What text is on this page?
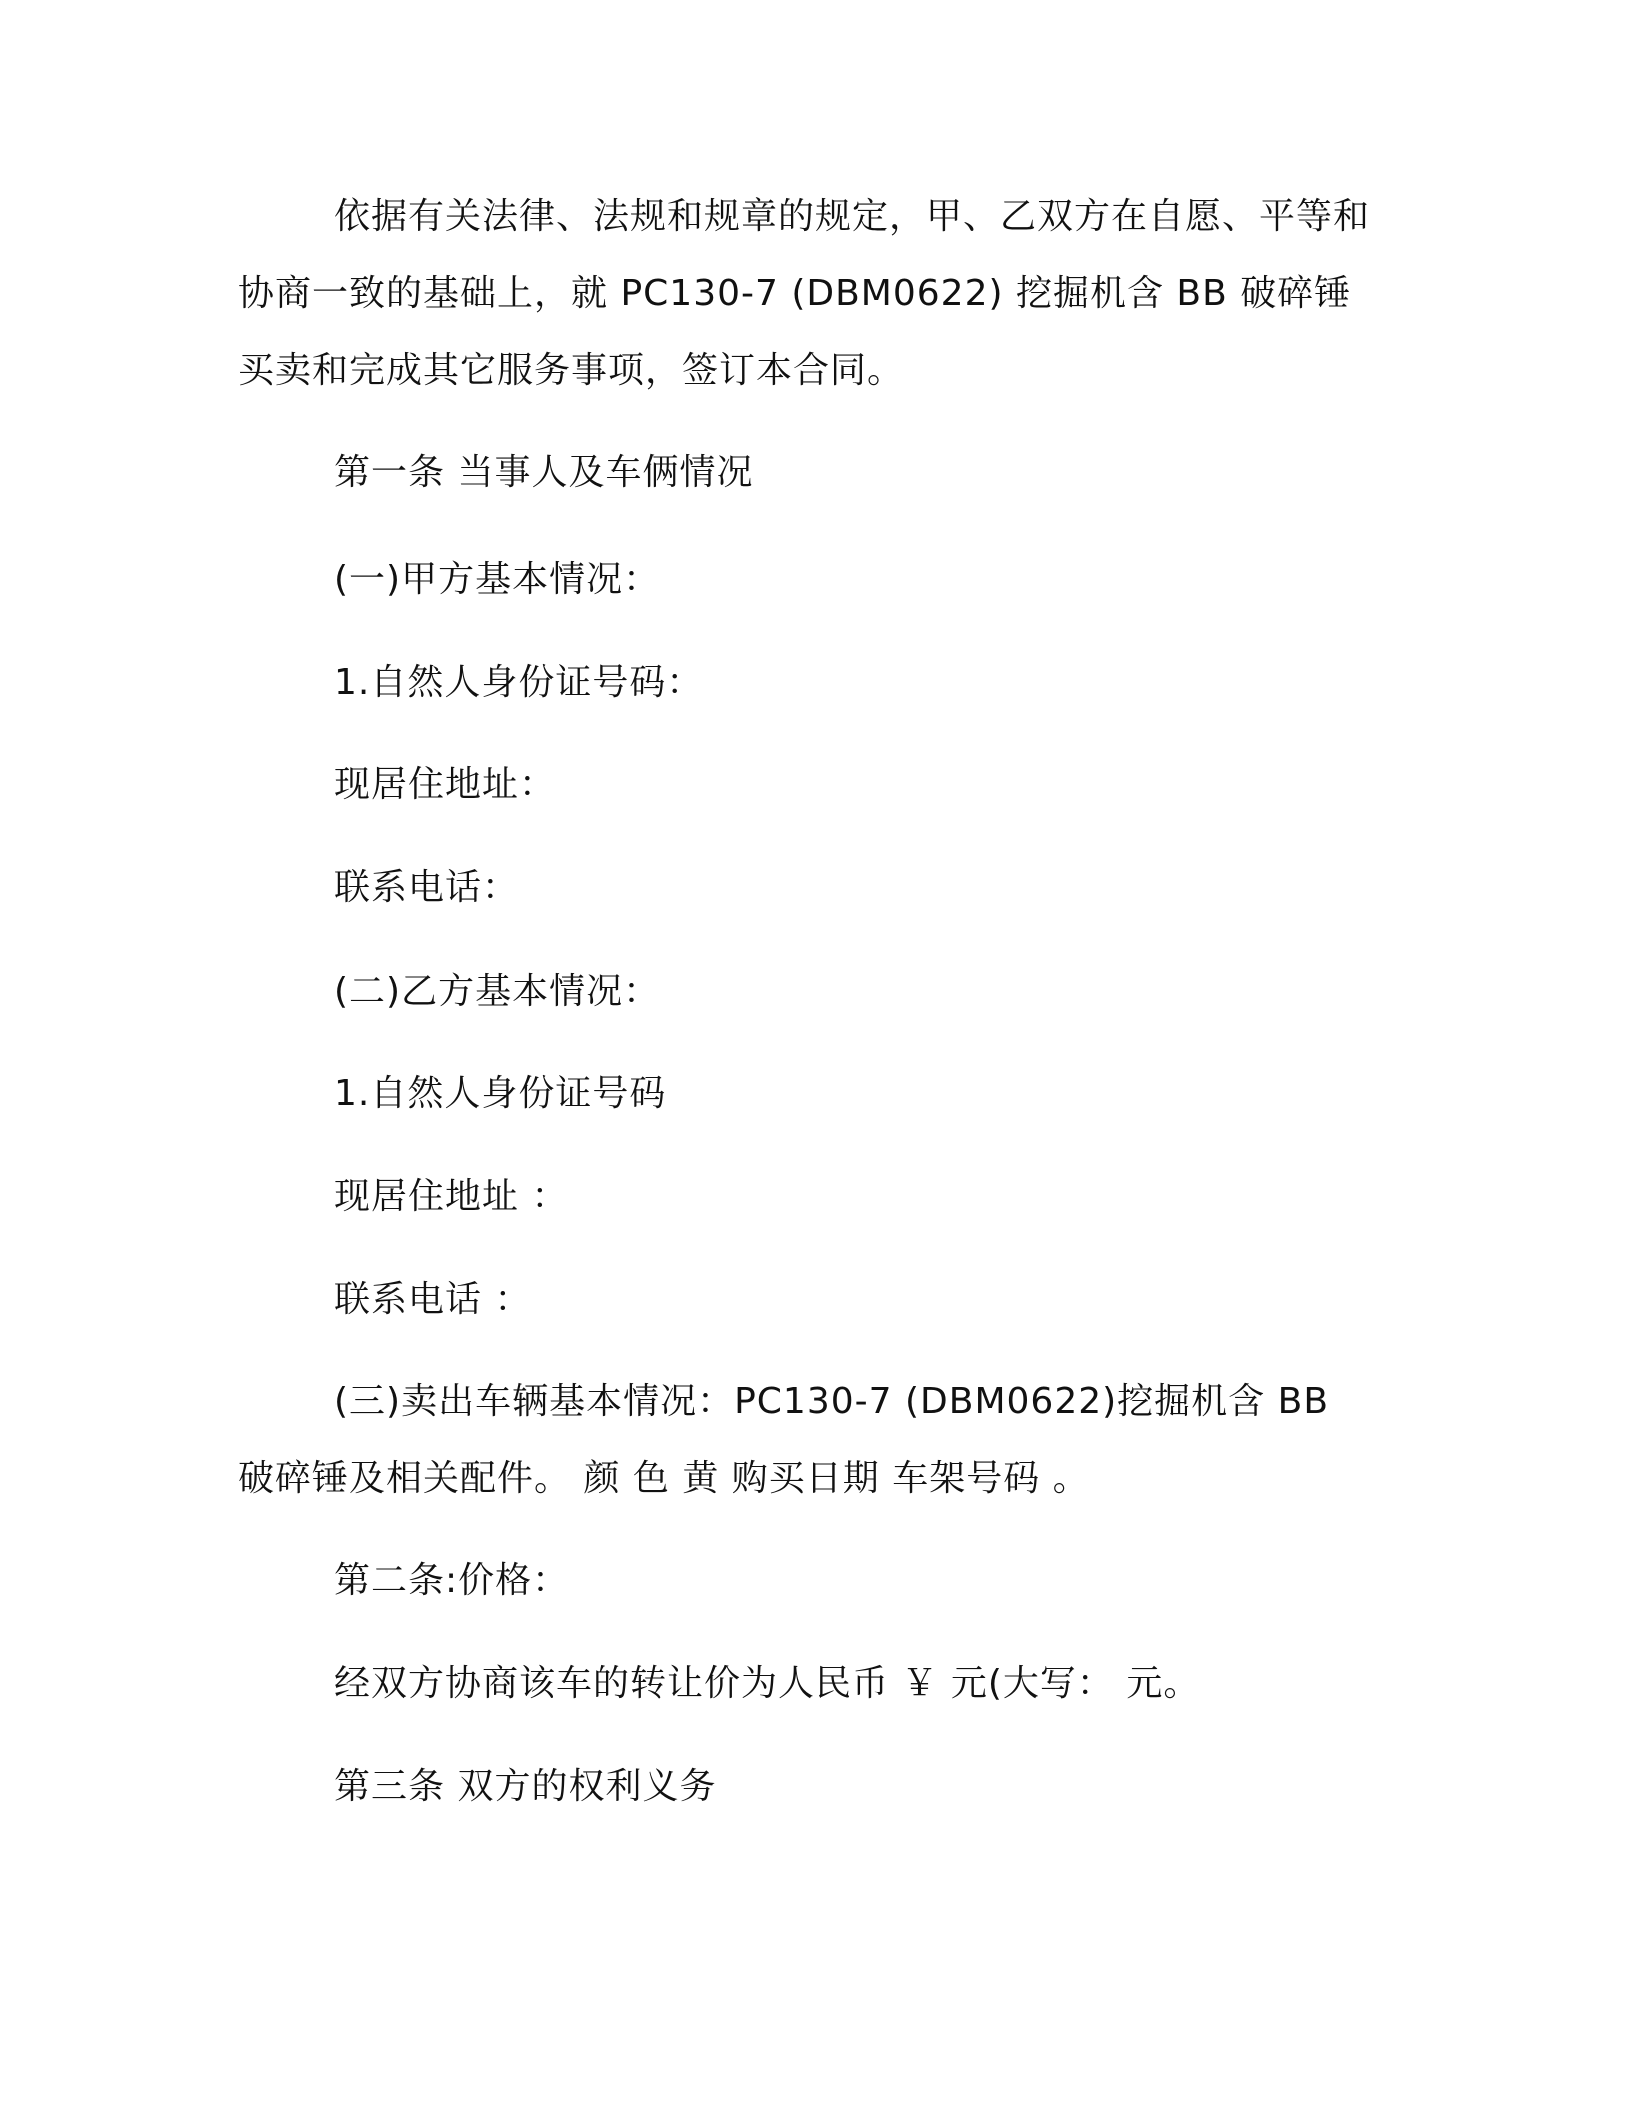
依据有关法律、法规和规章的规定，甲、乙双方在自愿、平等和协商一致的基础上，就 PC130-7 (DBM0622) 挖掘机含 BB 破碎锤买卖和完成其它服务事项，签订本合同。

第一条 当事人及车俩情况

(一)甲方基本情况：

1.自然人身份证号码：

现居住地址：

联系电话：

(二)乙方基本情况：

1.自然人身份证号码

现居住地址 ：

联系电话 ：

(三)卖出车辆基本情况：PC130-7 (DBM0622)挖掘机含 BB 破碎锤及相关配件。 颜 色 黄 购买日期 车架号码 。

第二条:价格：

经双方协商该车的转让价为人民币 ￥ 元(大写： 元。

第三条 双方的权利义务
